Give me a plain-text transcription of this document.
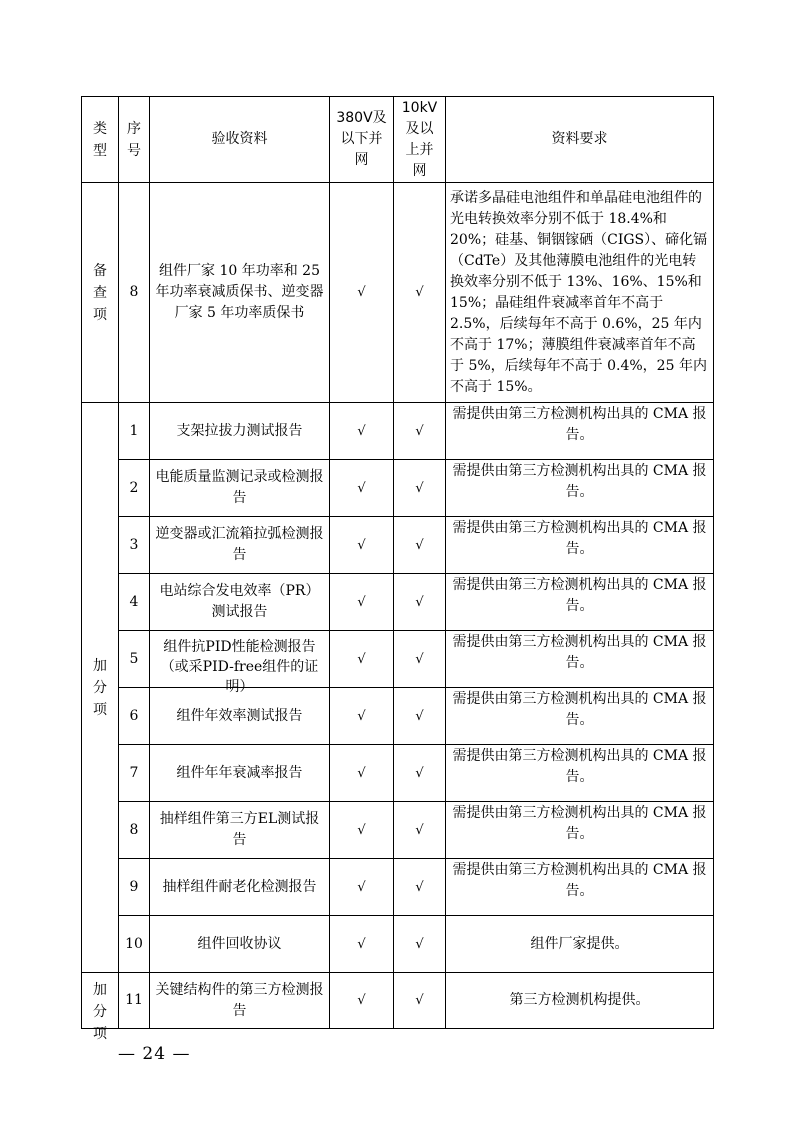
类型	序号	验收资料	380V及以下并网	10kV及以上并网	资料要求
备查项	8	组件厂家 10 年功率和 25 年功率衰减质保书、逆变器厂家 5 年功率质保书	√	√	承诺多晶硅电池组件和单晶硅电池组件的光电转换效率分别不低于 18.4%和 20%；硅基、铜铟镓硒（CIGS）、碲化镉（CdTe）及其他薄膜电池组件的光电转换效率分别不低于 13%、16%、15%和 15%；晶硅组件衰减率首年不高于 2.5%，后续每年不高于 0.6%，25 年内不高于 17%；薄膜组件衰减率首年不高于 5%，后续每年不高于 0.4%，25 年内不高于 15%。
加分项	1	支架拉拔力测试报告	√	√	需提供由第三方检测机构出具的 CMA 报告。
	2	电能质量监测记录或检测报告	√	√	需提供由第三方检测机构出具的 CMA 报告。
	3	逆变器或汇流箱拉弧检测报告	√	√	需提供由第三方检测机构出具的 CMA 报告。
	4	电站综合发电效率（PR）测试报告	√	√	需提供由第三方检测机构出具的 CMA 报告。
	5	组件抗PID性能检测报告（或采PID-free组件的证明）	√	√	需提供由第三方检测机构出具的 CMA 报告。
	6	组件年效率测试报告	√	√	需提供由第三方检测机构出具的 CMA 报告。
	7	组件年年衰减率报告	√	√	需提供由第三方检测机构出具的 CMA 报告。
	8	抽样组件第三方EL测试报告	√	√	需提供由第三方检测机构出具的 CMA 报告。
	9	抽样组件耐老化检测报告	√	√	需提供由第三方检测机构出具的 CMA 报告。
	10	组件回收协议	√	√	组件厂家提供。

加分项	11	关键结构件的第三方检测报告	√	√	第三方检测机构提供。
— 24 —
